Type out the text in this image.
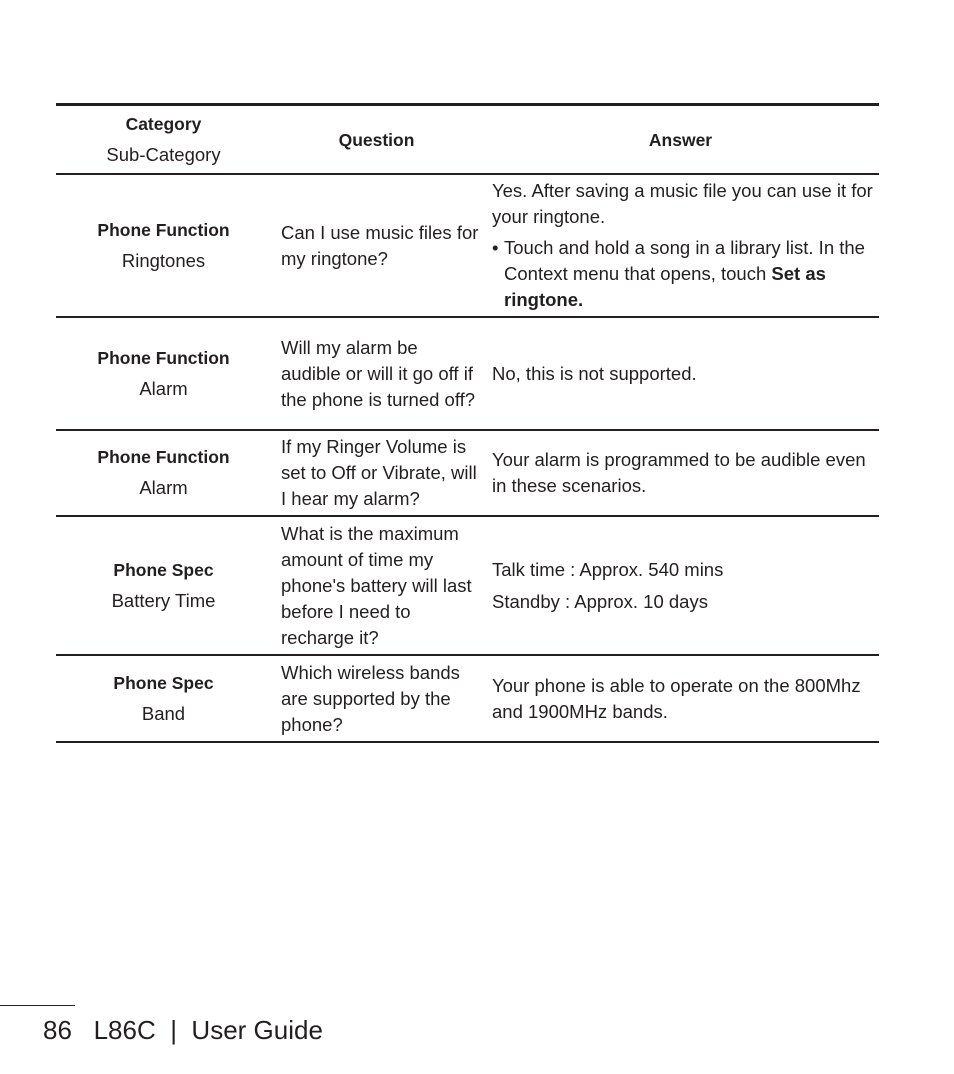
Category
Sub-Category
Question	Answer
Phone Function
Ringtones
Can I use music files for my ringtone?

Yes. After saving a music file you can use it for your ringtone.

• Touch and hold a song in a library list. In the Context menu that opens, touch Set as ringtone.
Phone Function
Alarm
Will my alarm be audible or will it go off if the phone is turned off?
No, this is not supported.
Phone Function
Alarm
If my Ringer Volume is set to Off or Vibrate, will I hear my alarm?
Your alarm is programmed to be audible even in these scenarios.
Phone Spec
Battery Time
What is the maximum amount of time my phone's battery will last before I need to recharge it?
Talk time : Approx. 540 mins
Standby : Approx. 10 days
Phone Spec
Band
Which wireless bands are supported by the phone?
Your phone is able to operate on the 800Mhz and 1900MHz bands.
86 L86C | User Guide
